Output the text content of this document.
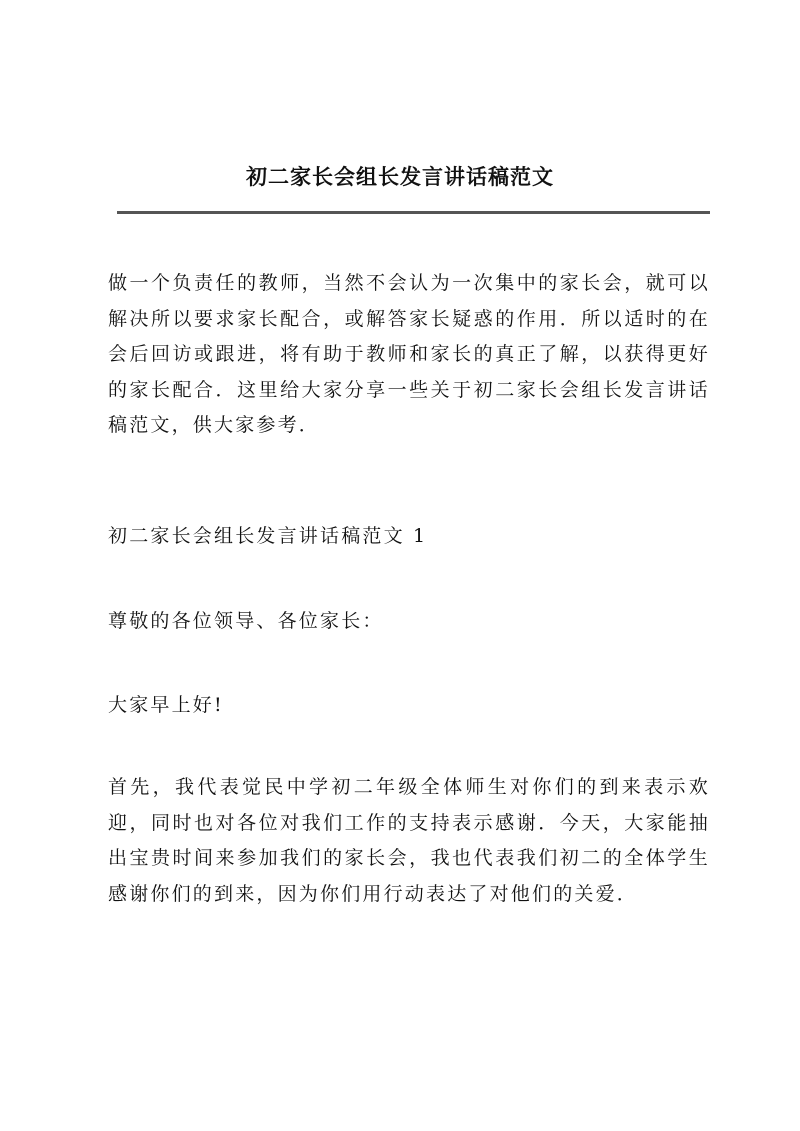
初二家长会组长发言讲话稿范文
做一个负责任的教师，当然不会认为一次集中的家长会，就可以解决所以要求家长配合，或解答家长疑惑的作用．所以适时的在会后回访或跟进，将有助于教师和家长的真正了解，以获得更好的家长配合．这里给大家分享一些关于初二家长会组长发言讲话稿范文，供大家参考．
初二家长会组长发言讲话稿范文 1
尊敬的各位领导、各位家长：
大家早上好!
首先，我代表觉民中学初二年级全体师生对你们的到来表示欢迎，同时也对各位对我们工作的支持表示感谢．今天，大家能抽出宝贵时间来参加我们的家长会，我也代表我们初二的全体学生感谢你们的到来，因为你们用行动表达了对他们的关爱．
